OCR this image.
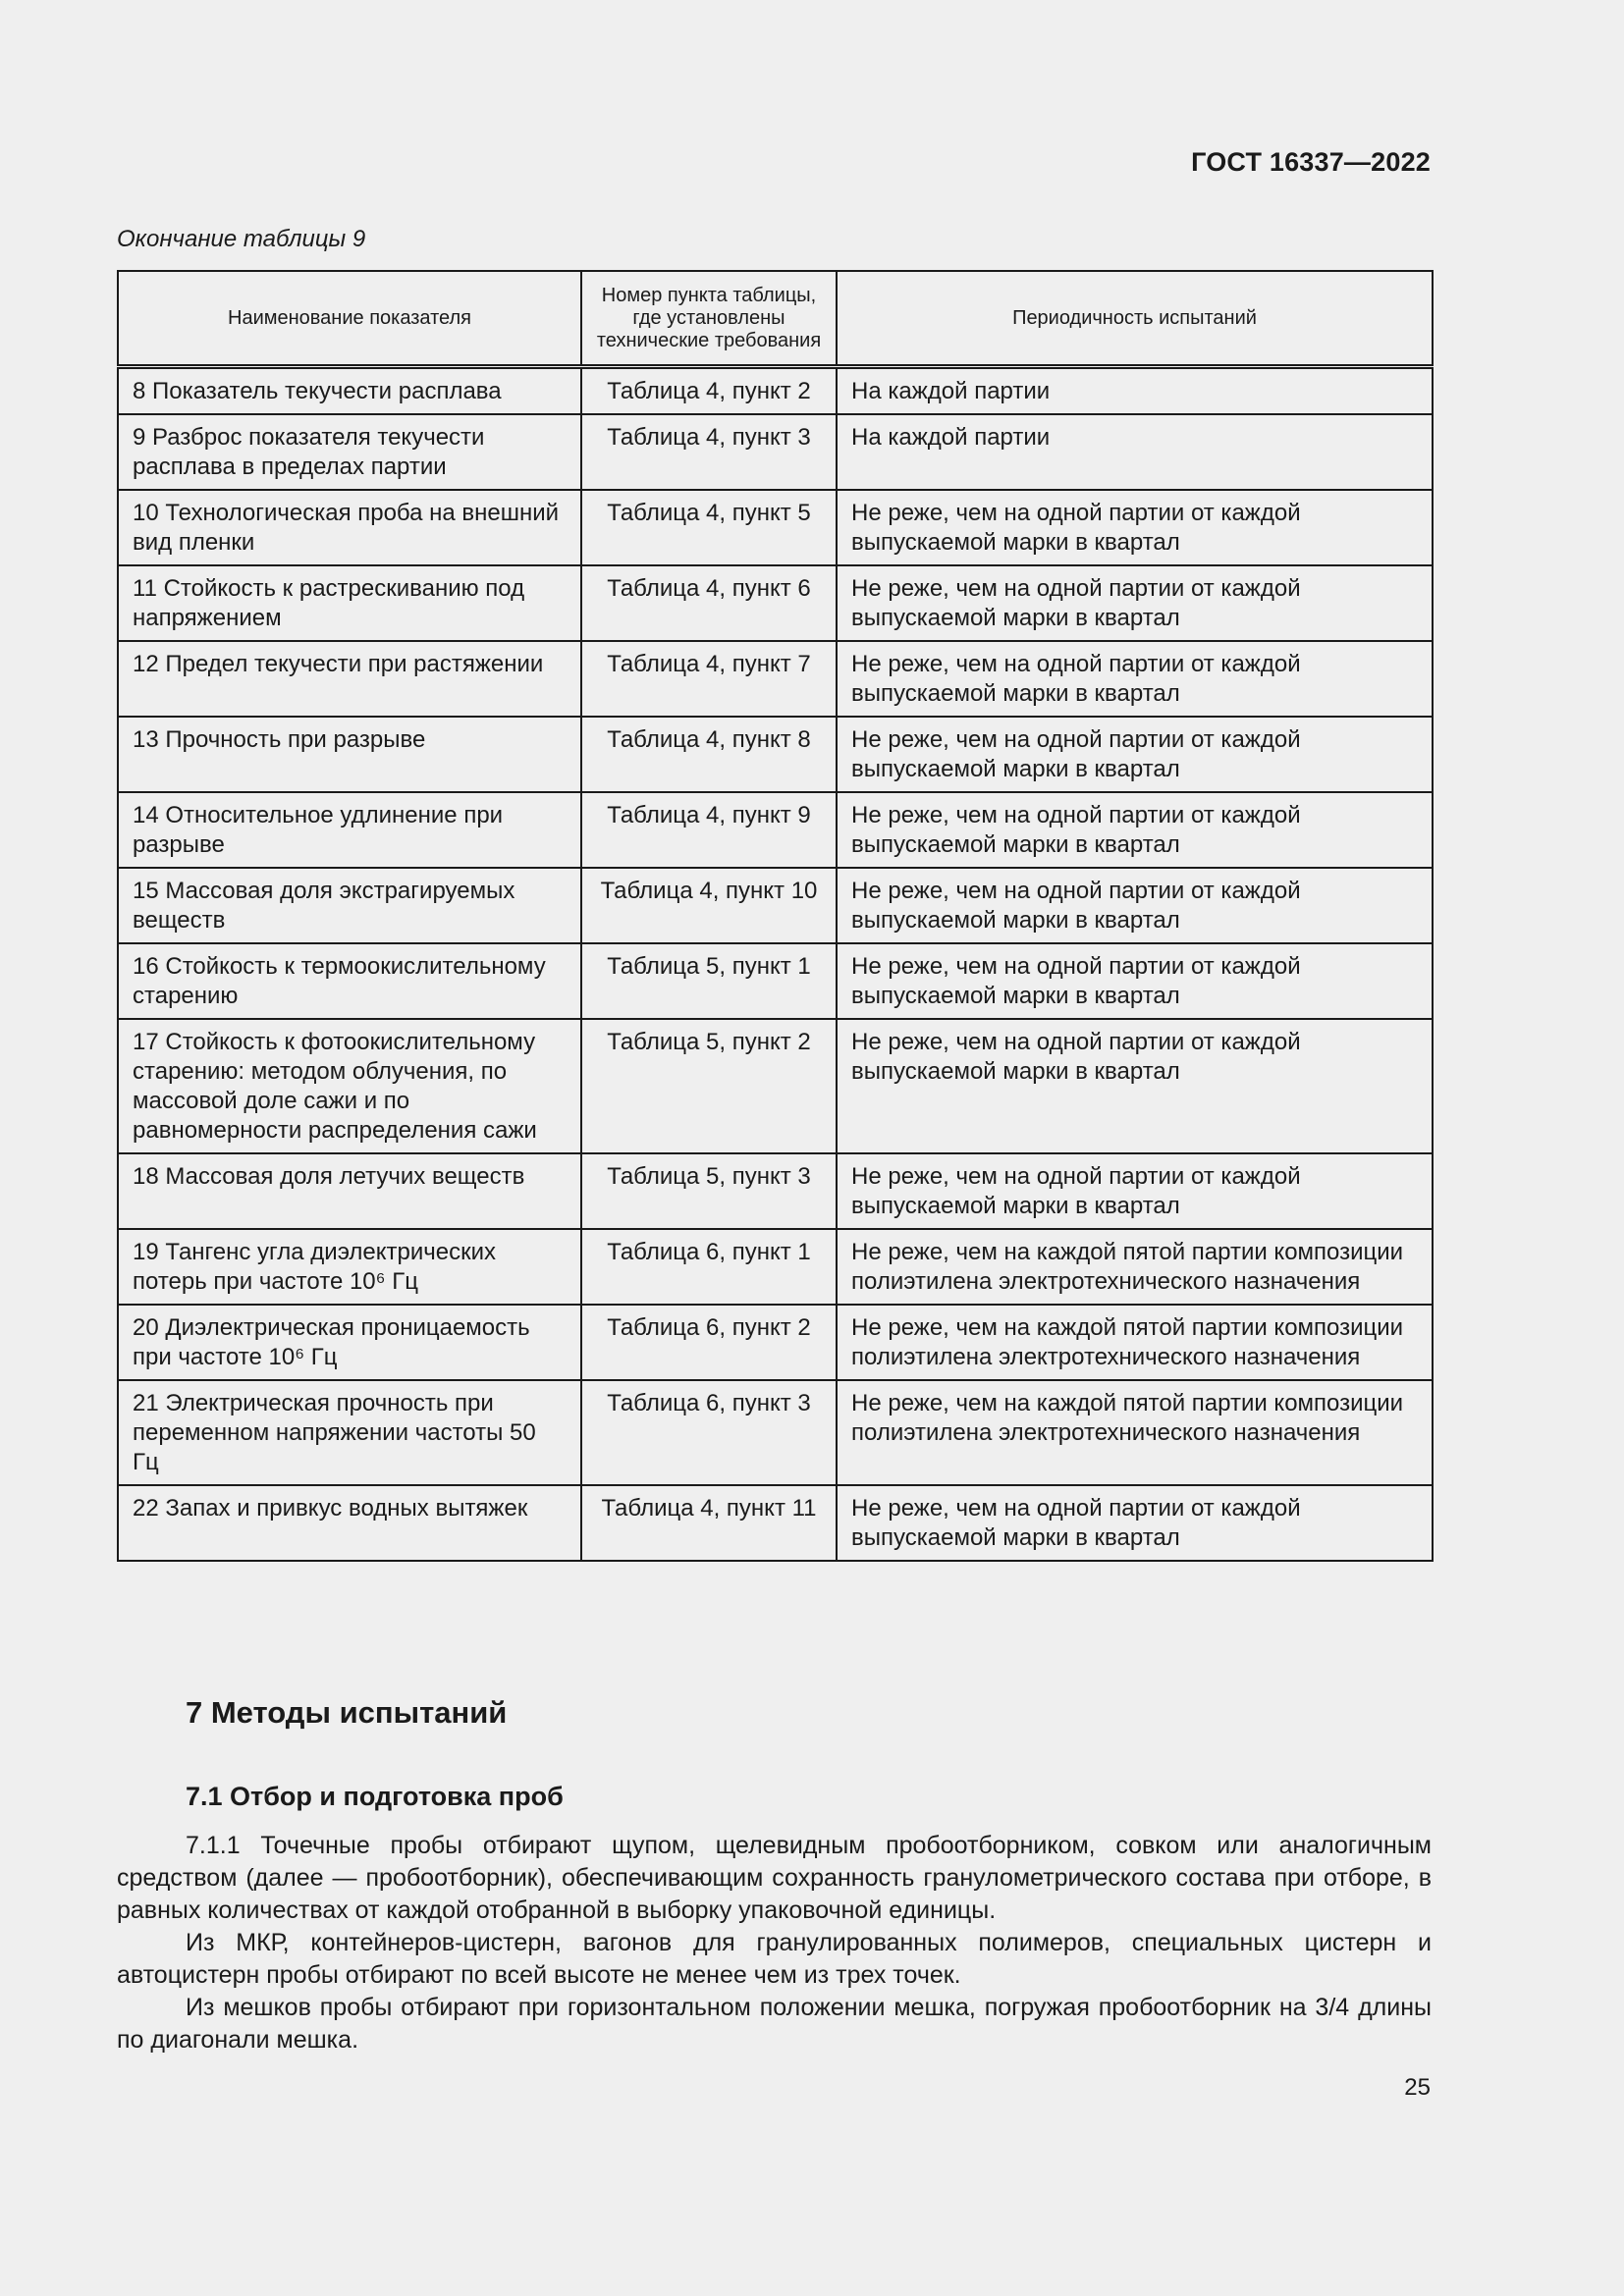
ГОСТ 16337—2022
Окончание таблицы 9
Наименование показателя	Номер пункта таблицы, где установлены технические требования	Периодичность испытаний
8 Показатель текучести расплава	Таблица 4, пункт 2	На каждой партии
9 Разброс показателя текучести расплава в пределах партии	Таблица 4, пункт 3	На каждой партии
10 Технологическая проба на внешний вид пленки	Таблица 4, пункт 5	Не реже, чем на одной партии от каждой выпускаемой марки в квартал
11 Стойкость к растрескиванию под напряжением	Таблица 4, пункт 6	Не реже, чем на одной партии от каждой выпускаемой марки в квартал
12 Предел текучести при растяжении	Таблица 4, пункт 7	Не реже, чем на одной партии от каждой выпускаемой марки в квартал
13 Прочность при разрыве	Таблица 4, пункт 8	Не реже, чем на одной партии от каждой выпускаемой марки в квартал
14 Относительное удлинение при разрыве	Таблица 4, пункт 9	Не реже, чем на одной партии от каждой выпускаемой марки в квартал
15 Массовая доля экстрагируемых веществ	Таблица 4, пункт 10	Не реже, чем на одной партии от каждой выпускаемой марки в квартал
16 Стойкость к термоокислительному старению	Таблица 5, пункт 1	Не реже, чем на одной партии от каждой выпускаемой марки в квартал
17 Стойкость к фотоокислительному старению: методом облучения, по массовой доле сажи и по равномерности распределения сажи	Таблица 5, пункт 2	Не реже, чем на одной партии от каждой выпускаемой марки в квартал
18 Массовая доля летучих веществ	Таблица 5, пункт 3	Не реже, чем на одной партии от каждой выпускаемой марки в квартал
19 Тангенс угла диэлектрических потерь при частоте 10⁶ Гц	Таблица 6, пункт 1	Не реже, чем на каждой пятой партии композиции полиэтилена электротехнического назначения
20 Диэлектрическая проницаемость при частоте 10⁶ Гц	Таблица 6, пункт 2	Не реже, чем на каждой пятой партии композиции полиэтилена электротехнического назначения
21 Электрическая прочность при переменном напряжении частоты 50 Гц	Таблица 6, пункт 3	Не реже, чем на каждой пятой партии композиции полиэтилена электротехнического назначения
22 Запах и привкус водных вытяжек	Таблица 4, пункт 11	Не реже, чем на одной партии от каждой выпускаемой марки в квартал
7 Методы испытаний
7.1 Отбор и подготовка проб

7.1.1 Точечные пробы отбирают щупом, щелевидным пробоотборником, совком или аналогичным средством (далее — пробоотборник), обеспечивающим сохранность гранулометрического состава при отборе, в равных количествах от каждой отобранной в выборку упаковочной единицы.

Из МКР, контейнеров-цистерн, вагонов для гранулированных полимеров, специальных цистерн и автоцистерн пробы отбирают по всей высоте не менее чем из трех точек.

Из мешков пробы отбирают при горизонтальном положении мешка, погружая пробоотборник на 3/4 длины по диагонали мешка.

25
